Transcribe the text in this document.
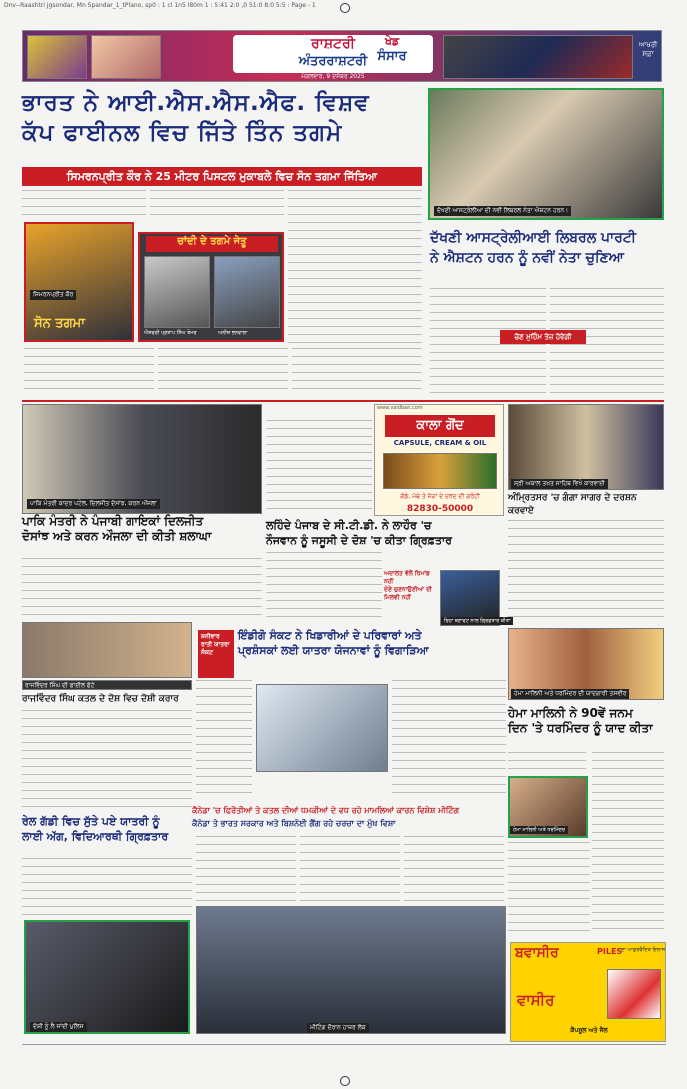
Dnv--Raashtri Jgsondar, Mn Spandar_1_tPlano, sp0 : 1 cl 1n5 l80m 1 : 5:41 2:0 ,0 51:0 8:0 5:5 : Page - 1
ਰਾਸ਼ਟਰੀ
ਅੰਤਰਰਾਸ਼ਟਰੀ
ਖੇਡ
ਸੰਸਾਰ
ਮੰਗਲਵਾਰ, 9 ਦਸੰਬਰ 2025
ਆਖਰੀ ਸਫ਼ਾ
ਭਾਰਤ ਨੇ ਆਈ.ਐਸ.ਐਸ.ਐਫ. ਵਿਸ਼ਵ
ਕੱਪ ਫਾਈਨਲ ਵਿਚ ਜਿੱਤੇ ਤਿੰਨ ਤਗਮੇ
ਸਿਮਰਨਪ੍ਰੀਤ ਕੌਰ ਨੇ 25 ਮੀਟਰ ਪਿਸਟਲ ਮੁਕਾਬਲੇ ਵਿਚ ਸੋਨ ਤਗਮਾ ਜਿੱਤਿਆ
ਸਿਮਰਨਪ੍ਰੀਤ ਕੌਰ
ਸੋਨ ਤਗਮਾ
ਚਾਂਦੀ ਦੇ ਤਗਮੇ ਜੇਤੂ
ਐਸ਼ਵਰੀ ਪ੍ਰਤਾਪ ਸਿੰਘ ਤੋਮਰ	ਅਨੀਸ਼ ਭਨਵਾਲਾ
ਦੱਖਣੀ ਆਸਟ੍ਰੇਲੀਆ ਦੀ ਨਵੀਂ ਲਿਬਰਲ ਨੇਤਾ ਐਸ਼ਟਨ ਹਰਨ।
ਦੱਖਣੀ ਆਸਟ੍ਰੇਲੀਆਈ ਲਿਬਰਲ ਪਾਰਟੀ
ਨੇ ਐਸ਼ਟਨ ਹਰਨ ਨੂੰ ਨਵੀਂ ਨੇਤਾ ਚੁਣਿਆ
ਚੋਣ ਮੁਹਿੰਮ ਤੇਜ਼ ਹੋਵੇਗੀ
ਪਾਕਿ ਮੰਤਰੀ ਕਾਦਰ ਪਟੇਲ, ਦਿਲਜੀਤ ਦੋਸਾਂਝ, ਕਰਨ ਔਜਲਾ
ਪਾਕਿ ਮੰਤਰੀ ਨੇ ਪੰਜਾਬੀ ਗਾਇਕਾਂ ਦਿਲਜੀਤ
ਦੋਸਾਂਝ ਅਤੇ ਕਰਨ ਔਜਲਾ ਦੀ ਕੀਤੀ ਸ਼ਲਾਘਾ
www.vaidban.com
ਕਾਲਾ ਗੋਂਦ
CAPSULE, CREAM & OIL
ਗੋਡੇ, ਮੋਢੇ ਤੇ ਜੋੜਾਂ ਦੇ ਦਰਦ ਦੀ ਗਰੰਟੀ
82830-50000
ਲਹਿੰਦੇ ਪੰਜਾਬ ਦੇ ਸੀ.ਟੀ.ਡੀ. ਨੇ ਲਾਹੌਰ 'ਚ
ਨੌਜਵਾਨ ਨੂੰ ਜਸੂਸੀ ਦੇ ਦੋਸ਼ 'ਚ ਕੀਤਾ ਗ੍ਰਿਫ਼ਤਾਰ
ਅਦਾਲਤ ਵੱਲੋਂ ਰਿਮਾਂਡ ਨਹੀਂ
ਦੇਣੇ ਚੁਣਨਾਉਣੀਆਂ ਦੀ ਮਿਲਵੀ ਨਹੀਂ
ਰਿਹਾ ਬਣਾਵਟ ਨਾਲ ਗ੍ਰਿਫ਼ਤਾਰ ਕੀਤਾ
ਸ੍ਰੀ ਅਕਾਲ ਤਖ਼ਤ ਸਾਹਿਬ ਵਿਖੇ ਕਾਰਵਾਈ
ਅੰਮ੍ਰਿਤਸਰ 'ਚ ਗੰਗਾ ਸਾਗਰ ਦੇ ਦਰਸ਼ਨ ਕਰਵਾਏ
ਸ਼ਨੀਵਾਰ ਰਾਤੀ ਯਾਤਰਾ ਸੰਕਟ
ਇੰਡੀਗੋ ਸੰਕਟ ਨੇ ਖਿਡਾਰੀਆਂ ਦੇ ਪਰਿਵਾਰਾਂ ਅਤੇ
ਪ੍ਰਸ਼ੰਸਕਾਂ ਲਈ ਯਾਤਰਾ ਯੋਜਨਾਵਾਂ ਨੂੰ ਵਿਗਾੜਿਆ
ਰਾਜਵਿੰਦਰ ਸਿੰਘ ਦੀ ਫਾਈਲ ਫੋਟੋ
ਰਾਜਵਿੰਦਰ ਸਿੰਘ ਕਤਲ ਦੇ ਦੋਸ਼ ਵਿਚ ਦੋਸ਼ੀ ਕਰਾਰ
ਹੇਮਾ ਮਾਲਿਨੀ ਅਤੇ ਧਰਮਿੰਦਰ ਦੀ ਯਾਦਗਾਰੀ ਤਸਵੀਰ
ਹੇਮਾ ਮਾਲਿਨੀ ਨੇ 90ਵੇਂ ਜਨਮ
ਦਿਨ 'ਤੇ ਧਰਮਿੰਦਰ ਨੂੰ ਯਾਦ ਕੀਤਾ
ਹੇਮਾ ਮਾਲਿਨੀ ਅਤੇ ਧਰਮਿੰਦਰ
ਕੈਨੇਡਾ 'ਚ ਫਿਰੌਤੀਆਂ ਤੇ ਕਤਲ ਦੀਆਂ ਧਮਕੀਆਂ ਦੇ ਵਧ ਰਹੇ ਮਾਮਲਿਆਂ ਕਾਰਨ ਵਿਸ਼ੇਸ਼ ਮੀਟਿੰਗ
ਕੈਨੇਡਾ ਤੇ ਭਾਰਤ ਸਰਕਾਰ ਅਤੇ ਬਿਸ਼ਨੋਈ ਗੈਂਗ ਰਹੇ ਚਰਚਾ ਦਾ ਮੁੱਖ ਵਿਸ਼ਾ
ਮੀਟਿੰਗ ਦੌਰਾਨ ਹਾਜ਼ਰ ਲੋਕ
ਰੇਲ ਗੱਡੀ ਵਿਚ ਸੁੱਤੇ ਪਏ ਯਾਤਰੀ ਨੂੰ
ਲਾਈ ਅੱਗ, ਵਿਦਿਆਰਥੀ ਗ੍ਰਿਫ਼ਤਾਰ
ਦੋਸ਼ੀ ਨੂੰ ਲੈ ਜਾਂਦੀ ਪੁਲਿਸ
ਬਵਾਸੀਰ	PILES
ਦਾ ਆਯੁਰਵੈਦਿਕ ਇਲਾਜ
ਵਾਸੀਰ
ਕੈਪਸੂਲ ਅਤੇ ਜੈਲ
